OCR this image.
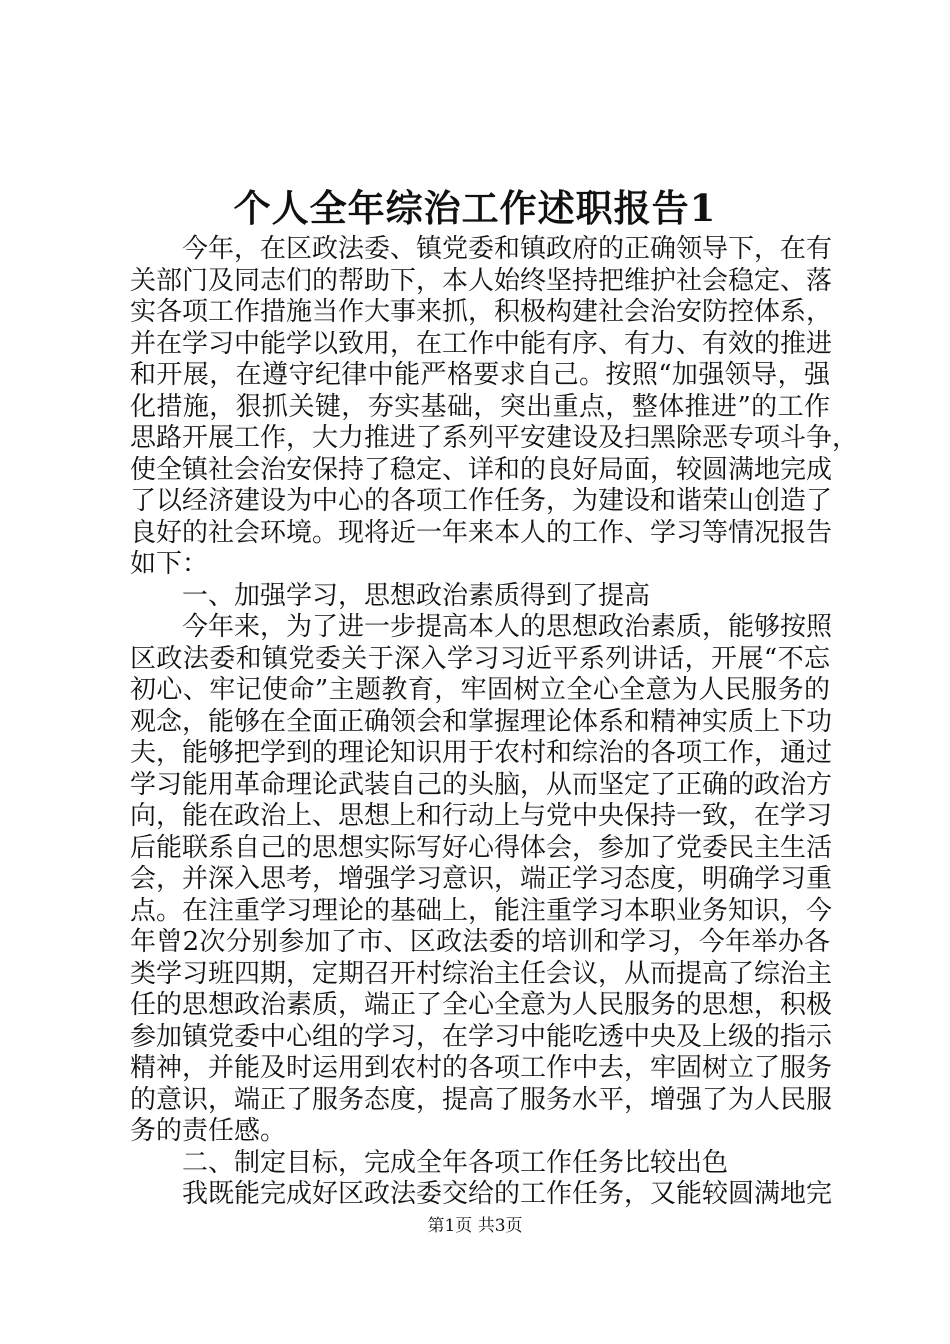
个人全年综治工作述职报告1
今年，在区政法委、镇党委和镇政府的正确领导下，在有
关部门及同志们的帮助下，本人始终坚持把维护社会稳定、落
实各项工作措施当作大事来抓，积极构建社会治安防控体系，
并在学习中能学以致用，在工作中能有序、有力、有效的推进
和开展，在遵守纪律中能严格要求自己。按照“加强领导，强
化措施，狠抓关键，夯实基础，突出重点，整体推进”的工作
思路开展工作，大力推进了系列平安建设及扫黑除恶专项斗争，
使全镇社会治安保持了稳定、详和的良好局面，较圆满地完成
了以经济建设为中心的各项工作任务，为建设和谐荣山创造了
良好的社会环境。现将近一年来本人的工作、学习等情况报告
如下：
一、加强学习，思想政治素质得到了提高
今年来，为了进一步提高本人的思想政治素质，能够按照
区政法委和镇党委关于深入学习习近平系列讲话，开展“不忘
初心、牢记使命”主题教育，牢固树立全心全意为人民服务的
观念，能够在全面正确领会和掌握理论体系和精神实质上下功
夫，能够把学到的理论知识用于农村和综治的各项工作，通过
学习能用革命理论武装自己的头脑，从而坚定了正确的政治方
向，能在政治上、思想上和行动上与党中央保持一致，在学习
后能联系自己的思想实际写好心得体会，参加了党委民主生活
会，并深入思考，增强学习意识，端正学习态度，明确学习重
点。在注重学习理论的基础上，能注重学习本职业务知识，今
年曾2次分别参加了市、区政法委的培训和学习，今年举办各
类学习班四期，定期召开村综治主任会议，从而提高了综治主
任的思想政治素质，端正了全心全意为人民服务的思想，积极
参加镇党委中心组的学习，在学习中能吃透中央及上级的指示
精神，并能及时运用到农村的各项工作中去，牢固树立了服务
的意识，端正了服务态度，提高了服务水平，增强了为人民服
务的责任感。
二、制定目标，完成全年各项工作任务比较出色
我既能完成好区政法委交给的工作任务，又能较圆满地完
第1页 共3页
